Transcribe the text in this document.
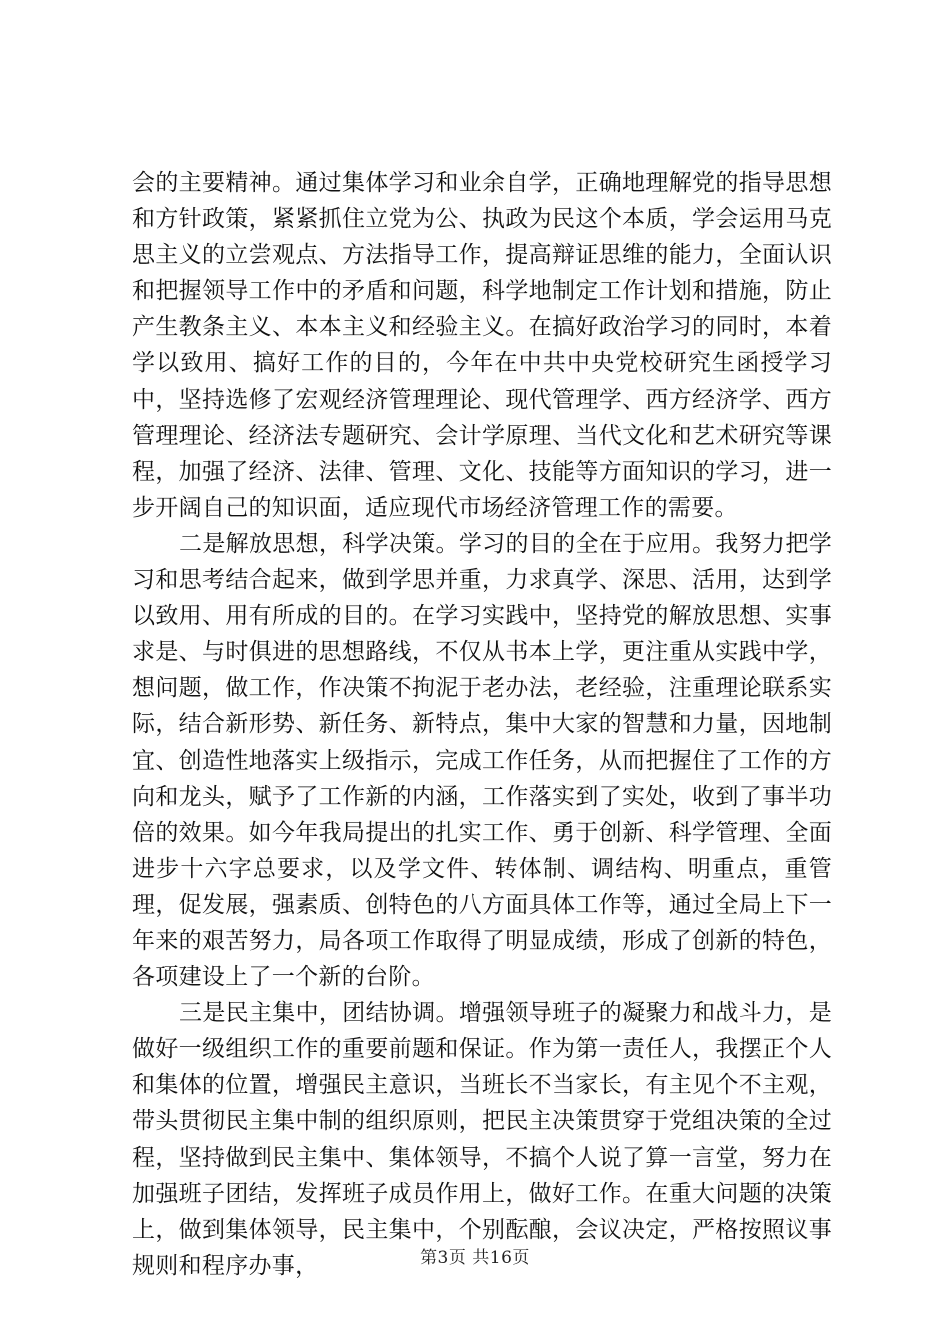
会的主要精神。通过集体学习和业余自学，正确地理解党的指导思想和方针政策，紧紧抓住立党为公、执政为民这个本质，学会运用马克思主义的立尝观点、方法指导工作，提高辩证思维的能力，全面认识和把握领导工作中的矛盾和问题，科学地制定工作计划和措施，防止产生教条主义、本本主义和经验主义。在搞好政治学习的同时，本着学以致用、搞好工作的目的，今年在中共中央党校研究生函授学习中，坚持选修了宏观经济管理理论、现代管理学、西方经济学、西方管理理论、经济法专题研究、会计学原理、当代文化和艺术研究等课程，加强了经济、法律、管理、文化、技能等方面知识的学习，进一步开阔自己的知识面，适应现代市场经济管理工作的需要。

二是解放思想，科学决策。学习的目的全在于应用。我努力把学习和思考结合起来，做到学思并重，力求真学、深思、活用，达到学以致用、用有所成的目的。在学习实践中，坚持党的解放思想、实事求是、与时俱进的思想路线，不仅从书本上学，更注重从实践中学，想问题，做工作，作决策不拘泥于老办法，老经验，注重理论联系实际，结合新形势、新任务、新特点，集中大家的智慧和力量，因地制宜、创造性地落实上级指示，完成工作任务，从而把握住了工作的方向和龙头，赋予了工作新的内涵，工作落实到了实处，收到了事半功倍的效果。如今年我局提出的扎实工作、勇于创新、科学管理、全面进步十六字总要求，以及学文件、转体制、调结构、明重点，重管理，促发展，强素质、创特色的八方面具体工作等，通过全局上下一年来的艰苦努力，局各项工作取得了明显成绩，形成了创新的特色，各项建设上了一个新的台阶。

三是民主集中，团结协调。增强领导班子的凝聚力和战斗力，是做好一级组织工作的重要前题和保证。作为第一责任人，我摆正个人和集体的位置，增强民主意识，当班长不当家长，有主见个不主观，带头贯彻民主集中制的组织原则，把民主决策贯穿于党组决策的全过程，坚持做到民主集中、集体领导，不搞个人说了算一言堂，努力在加强班子团结，发挥班子成员作用上，做好工作。在重大问题的决策上，做到集体领导，民主集中，个别酝酿，会议决定，严格按照议事规则和程序办事，	第3页 共16页
